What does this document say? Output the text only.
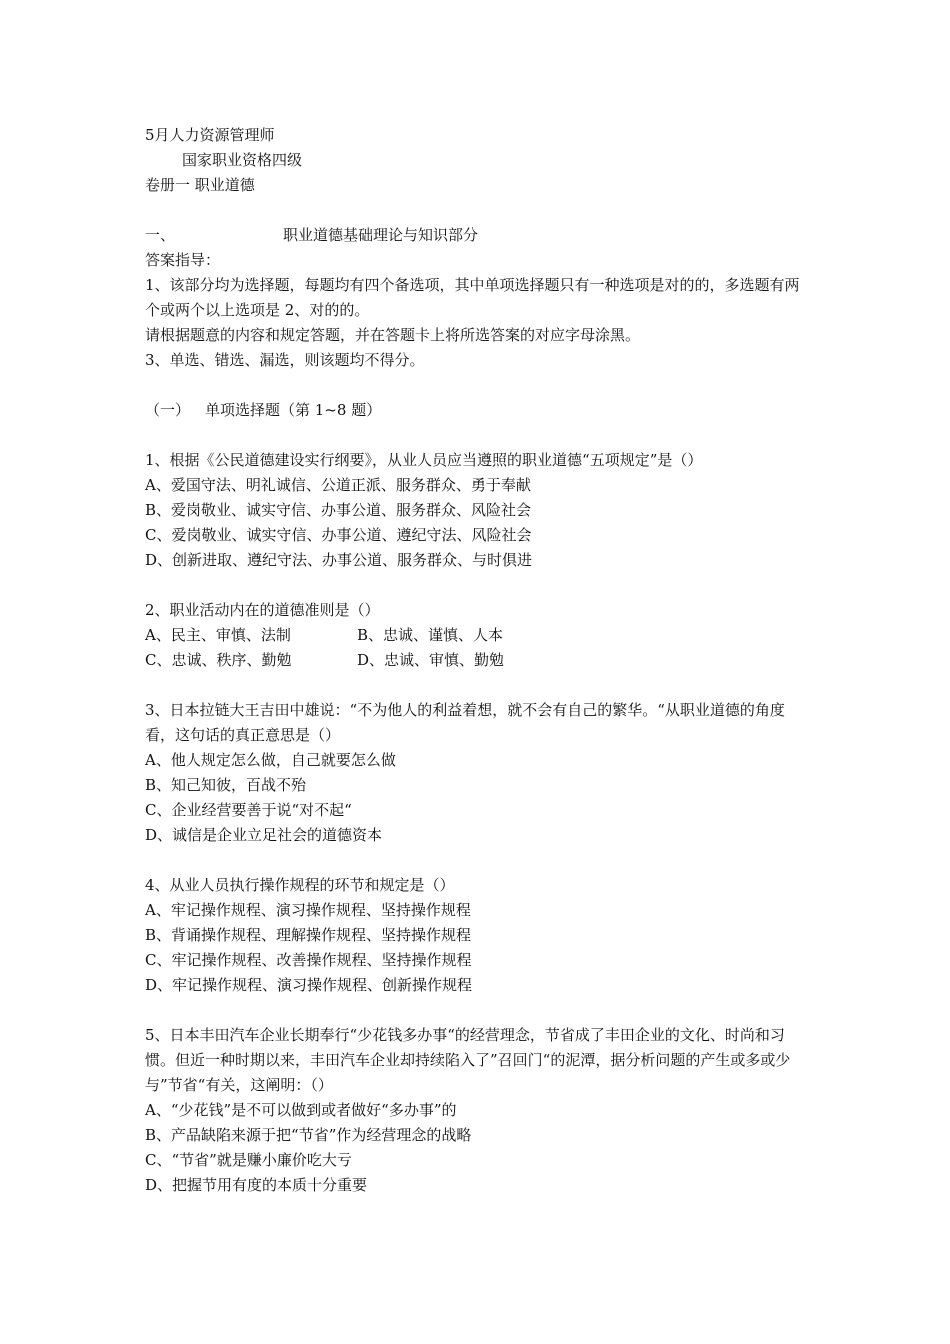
5月人力资源管理师
国家职业资格四级
卷册一 职业道德
一、	职业道德基础理论与知识部分
答案指导：
1、该部分均为选择题，每题均有四个备选项，其中单项选择题只有一种选项是对的的，多选题有两个或两个以上选项是 2、对的的。
请根据题意的内容和规定答题，并在答题卡上将所选答案的对应字母涂黑。
3、单选、错选、漏选，则该题均不得分。
（一） 单项选择题（第 1~8 题）
1、根据《公民道德建设实行纲要》，从业人员应当遵照的职业道德“五项规定”是（）
A、爱国守法、明礼诚信、公道正派、服务群众、勇于奉献
B、爱岗敬业、诚实守信、办事公道、服务群众、风险社会
C、爱岗敬业、诚实守信、办事公道、遵纪守法、风险社会
D、创新进取、遵纪守法、办事公道、服务群众、与时俱进
2、职业活动内在的道德准则是（）
A、民主、审慎、法制	B、忠诚、谨慎、人本
C、忠诚、秩序、勤勉	D、忠诚、审慎、勤勉
3、日本拉链大王吉田中雄说：“不为他人的利益着想，就不会有自己的繁华。“从职业道德的角度看，这句话的真正意思是（）
A、他人规定怎么做，自己就要怎么做
B、知己知彼，百战不殆
C、企业经营要善于说“对不起“
D、诚信是企业立足社会的道德资本
4、从业人员执行操作规程的环节和规定是（）
A、牢记操作规程、演习操作规程、坚持操作规程
B、背诵操作规程、理解操作规程、坚持操作规程
C、牢记操作规程、改善操作规程、坚持操作规程
D、牢记操作规程、演习操作规程、创新操作规程
5、日本丰田汽车企业长期奉行“少花钱多办事“的经营理念，节省成了丰田企业的文化、时尚和习惯。但近一种时期以来，丰田汽车企业却持续陷入了”召回门“的泥潭，据分析问题的产生或多或少与”节省“有关，这阐明：（）
A、“少花钱”是不可以做到或者做好“多办事”的
B、产品缺陷来源于把“节省”作为经营理念的战略
C、“节省”就是赚小廉价吃大亏
D、把握节用有度的本质十分重要
